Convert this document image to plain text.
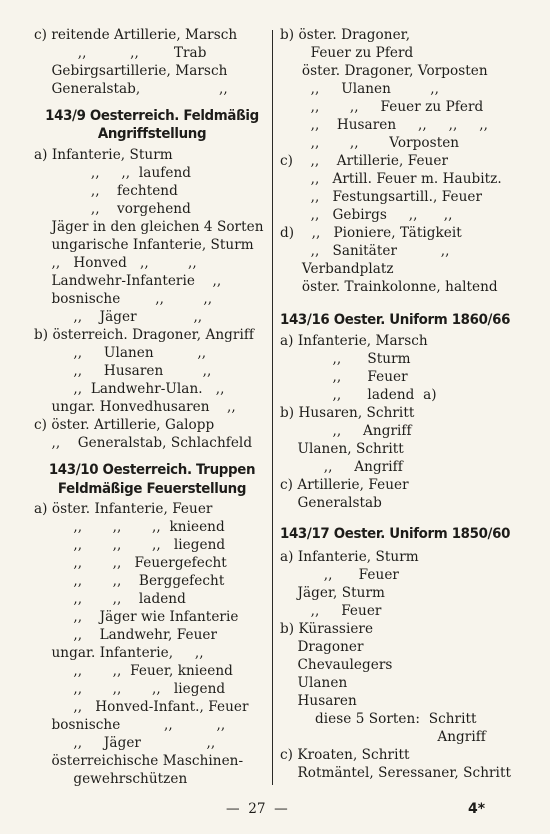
c) reitende Artillerie, Marsch
,,          ,,        Trab
Gebirgsartillerie, Marsch
Generalstab,                  ,,
143/9 Oesterreich. Feldmäßig
Angriffstellung
a) Infanterie, Sturm
,,     ,,  laufend
,,    fechtend
,,    vorgehend
Jäger in den gleichen 4 Sorten
ungarische Infanterie, Sturm
,,   Honved   ,,         ,,
Landwehr-Infanterie    ,,
bosnische        ,,         ,,
,,    Jäger             ,,
b) österreich. Dragoner, Angriff
,,     Ulanen          ,,
,,     Husaren         ,,
,,  Landwehr-Ulan.   ,,
ungar. Honvedhusaren    ,,
c) öster. Artillerie, Galopp
,,    Generalstab, Schlachfeld
143/10 Oesterreich. Truppen
Feldmäßige Feuerstellung
a) öster. Infanterie, Feuer
,,       ,,       ,,  knieend
,,       ,,       ,,   liegend
,,       ,,   Feuergefecht
,,       ,,    Berggefecht
,,       ,,    ladend
,,    Jäger wie Infanterie
,,    Landwehr, Feuer
ungar. Infanterie,     ,,
,,       ,,  Feuer, knieend
,,       ,,       ,,   liegend
,,   Honved-Infant., Feuer
bosnische          ,,          ,,
,,     Jäger               ,,
österreichische Maschinen-
gewehrschützen
b) öster. Dragoner,
Feuer zu Pferd
öster. Dragoner, Vorposten
,,     Ulanen         ,,
,,       ,,     Feuer zu Pferd
,,    Husaren     ,,     ,,     ,,
,,       ,,       Vorposten
c)    ,,    Artillerie, Feuer
,,   Artill. Feuer m. Haubitz.
,,   Festungsartill., Feuer
,,   Gebirgs     ,,      ,,
d)    ,,   Pioniere, Tätigkeit
,,   Sanitäter          ,,
Verbandplatz
öster. Trainkolonne, haltend
143/16 Oester. Uniform 1860/66
a) Infanterie, Marsch
,,      Sturm
,,      Feuer
,,      ladend  a)
b) Husaren, Schritt
,,     Angriff
Ulanen, Schritt
,,     Angriff
c) Artillerie, Feuer
Generalstab
143/17 Oester. Uniform 1850/60
a) Infanterie, Sturm
,,      Feuer
Jäger, Sturm
,,     Feuer
b) Kürassiere
Dragoner
Chevaulegers
Ulanen
Husaren
diese 5 Sorten:  Schritt
Angriff
c) Kroaten, Schritt
Rotmäntel, Seressaner, Schritt
—  27  —	4*
